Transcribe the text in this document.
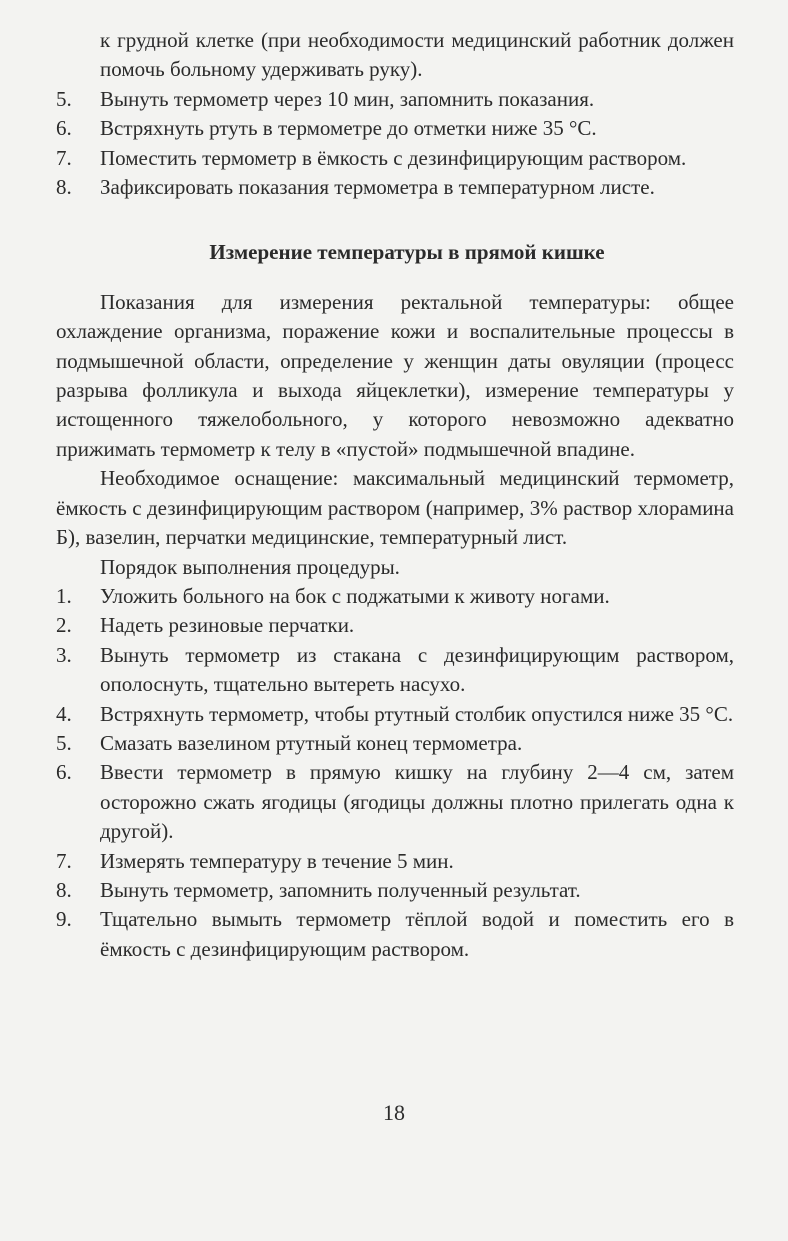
к грудной клетке (при необходимости медицинский работник должен помочь больному удерживать руку).

5.	Вынуть термометр через 10 мин, запомнить показания.
6.	Встряхнуть ртуть в термометре до отметки ниже 35 °С.
7.	Поместить термометр в ёмкость с дезинфицирующим раствором.
8.	Зафиксировать показания термометра в температурном листе.
Измерение температуры в прямой кишке

Показания для измерения ректальной температуры: общее охлаждение организма, поражение кожи и воспалительные процессы в подмышечной области, определение у женщин даты овуляции (процесс разрыва фолликула и выхода яйцеклетки), измерение температуры у истощенного тяжелобольного, у которого невозможно адекватно прижимать термометр к телу в «пустой» подмышечной впадине.

Необходимое оснащение: максимальный медицинский термометр, ёмкость с дезинфицирующим раствором (например, 3% раствор хлорамина Б), вазелин, перчатки медицинские, температурный лист.

Порядок выполнения процедуры.

1.	Уложить больного на бок с поджатыми к животу ногами.
2.	Надеть резиновые перчатки.
3.	Вынуть термометр из стакана с дезинфицирующим раствором, ополоснуть, тщательно вытереть насухо.
4.	Встряхнуть термометр, чтобы ртутный столбик опустился ниже 35 °С.
5.	Смазать вазелином ртутный конец термометра.
6.	Ввести термометр в прямую кишку на глубину 2—4 см, затем осторожно сжать ягодицы (ягодицы должны плотно прилегать одна к другой).
7.	Измерять температуру в течение 5 мин.
8.	Вынуть термометр, запомнить полученный результат.
9.	Тщательно вымыть термометр тёплой водой и поместить его в ёмкость с дезинфицирующим раствором.
18
